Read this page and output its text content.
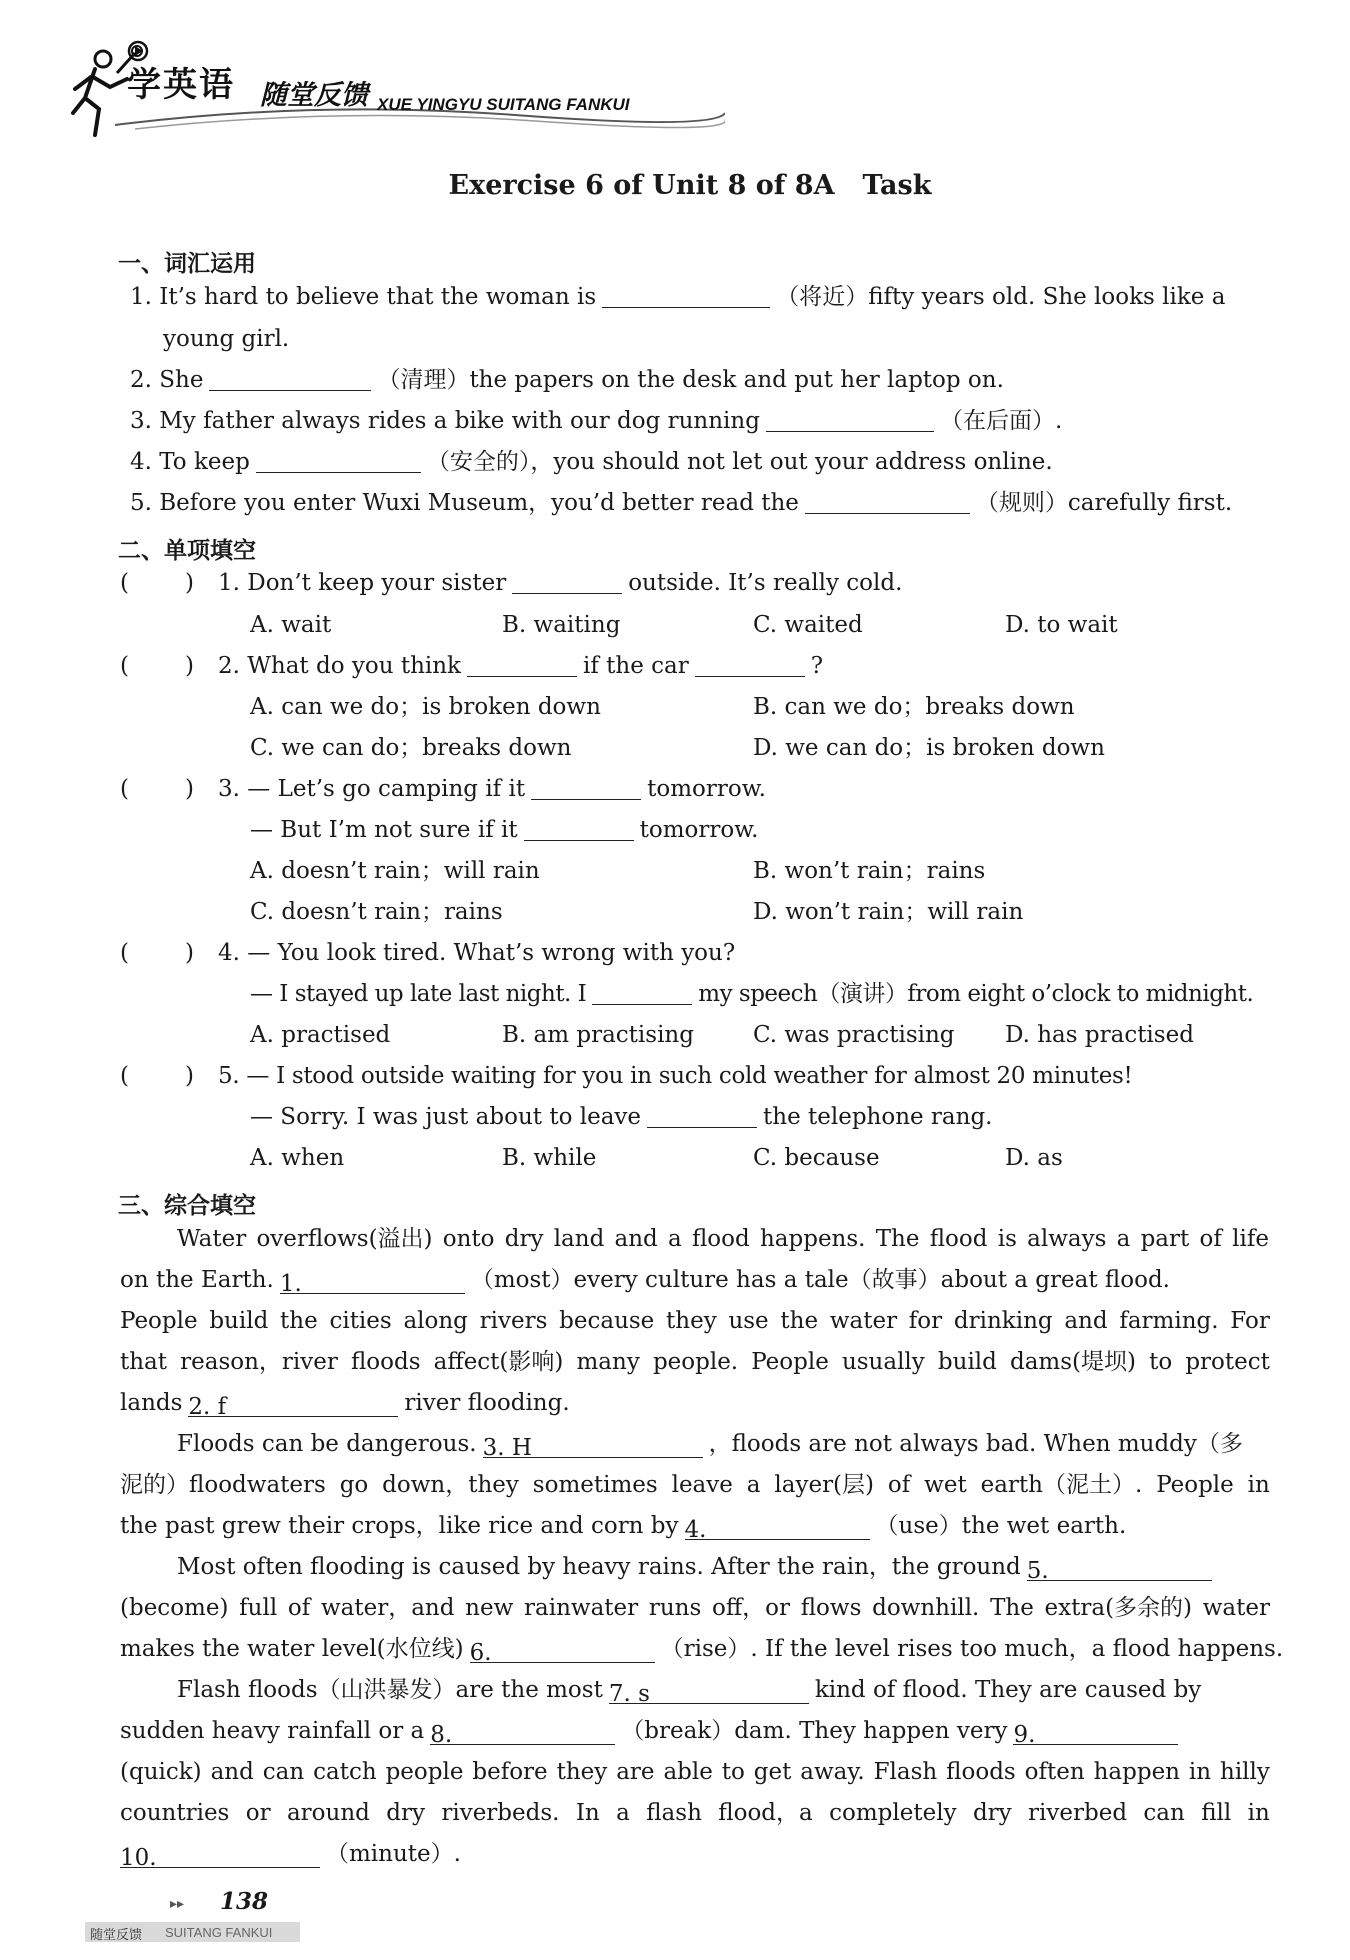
学英语 随堂反馈 XUE YINGYU SUITANG FANKUI
Exercise 6 of Unit 8 of 8A Task
一、词汇运用
1. It’s hard to believe that the woman is	（将近）fifty years old. She looks like a
young girl.
2. She	（清理）the papers on the desk and put her laptop on.
3. My father always rides a bike with our dog running	（在后面）.
4. To keep	（安全的），you should not let out your address online.
5. Before you enter Wuxi Museum，you’d better read the	（规则）carefully first.
二、单项填空
( ) 1. Don’t keep your sister	outside. It’s really cold.
A. wait	B. waiting	C. waited	D. to wait
( ) 2. What do you think	if the car	?
A. can we do；is broken down	B. can we do；breaks down
C. we can do；breaks down	D. we can do；is broken down
( ) 3. — Let’s go camping if it	tomorrow.
— But I’m not sure if it	tomorrow.
A. doesn’t rain；will rain	B. won’t rain；rains
C. doesn’t rain；rains	D. won’t rain；will rain
( ) 4. — You look tired. What’s wrong with you?
— I stayed up late last night. I	my speech（演讲）from eight o’clock to midnight.
A. practised	B. am practising	C. was practising D. has practised
( ) 5. — I stood outside waiting for you in such cold weather for almost 20 minutes!
— Sorry. I was just about to leave	the telephone rang.
A. when	B. while	C. because	D. as
三、综合填空
Water overflows(溢出) onto dry land and a flood happens. The flood is always a part of life
on the Earth. 1.	（most）every culture has a tale（故事）about a great flood.
People build the cities along rivers because they use the water for drinking and farming. For
that reason，river floods affect(影响) many people. People usually build dams(堤坝) to protect
lands 2. f	river flooding.
Floods can be dangerous. 3. H	，floods are not always bad. When muddy（多
泥的）floodwaters go down，they sometimes leave a layer(层) of wet earth（泥土）. People in
the past grew their crops，like rice and corn by 4.	（use）the wet earth.
Most often flooding is caused by heavy rains. After the rain，the ground 5.
(become) full of water，and new rainwater runs off，or flows downhill. The extra(多余的) water
makes the water level(水位线) 6.	（rise）. If the level rises too much，a flood happens.
Flash floods（山洪暴发）are the most 7. s	kind of flood. They are caused by
sudden heavy rainfall or a 8.	（break）dam. They happen very 9.
(quick) and can catch people before they are able to get away. Flash floods often happen in hilly
countries or around dry riverbeds. In a flash flood，a completely dry riverbed can fill in
10.	（minute）.
▸▸ 138
随堂反馈 SUITANG FANKUI
